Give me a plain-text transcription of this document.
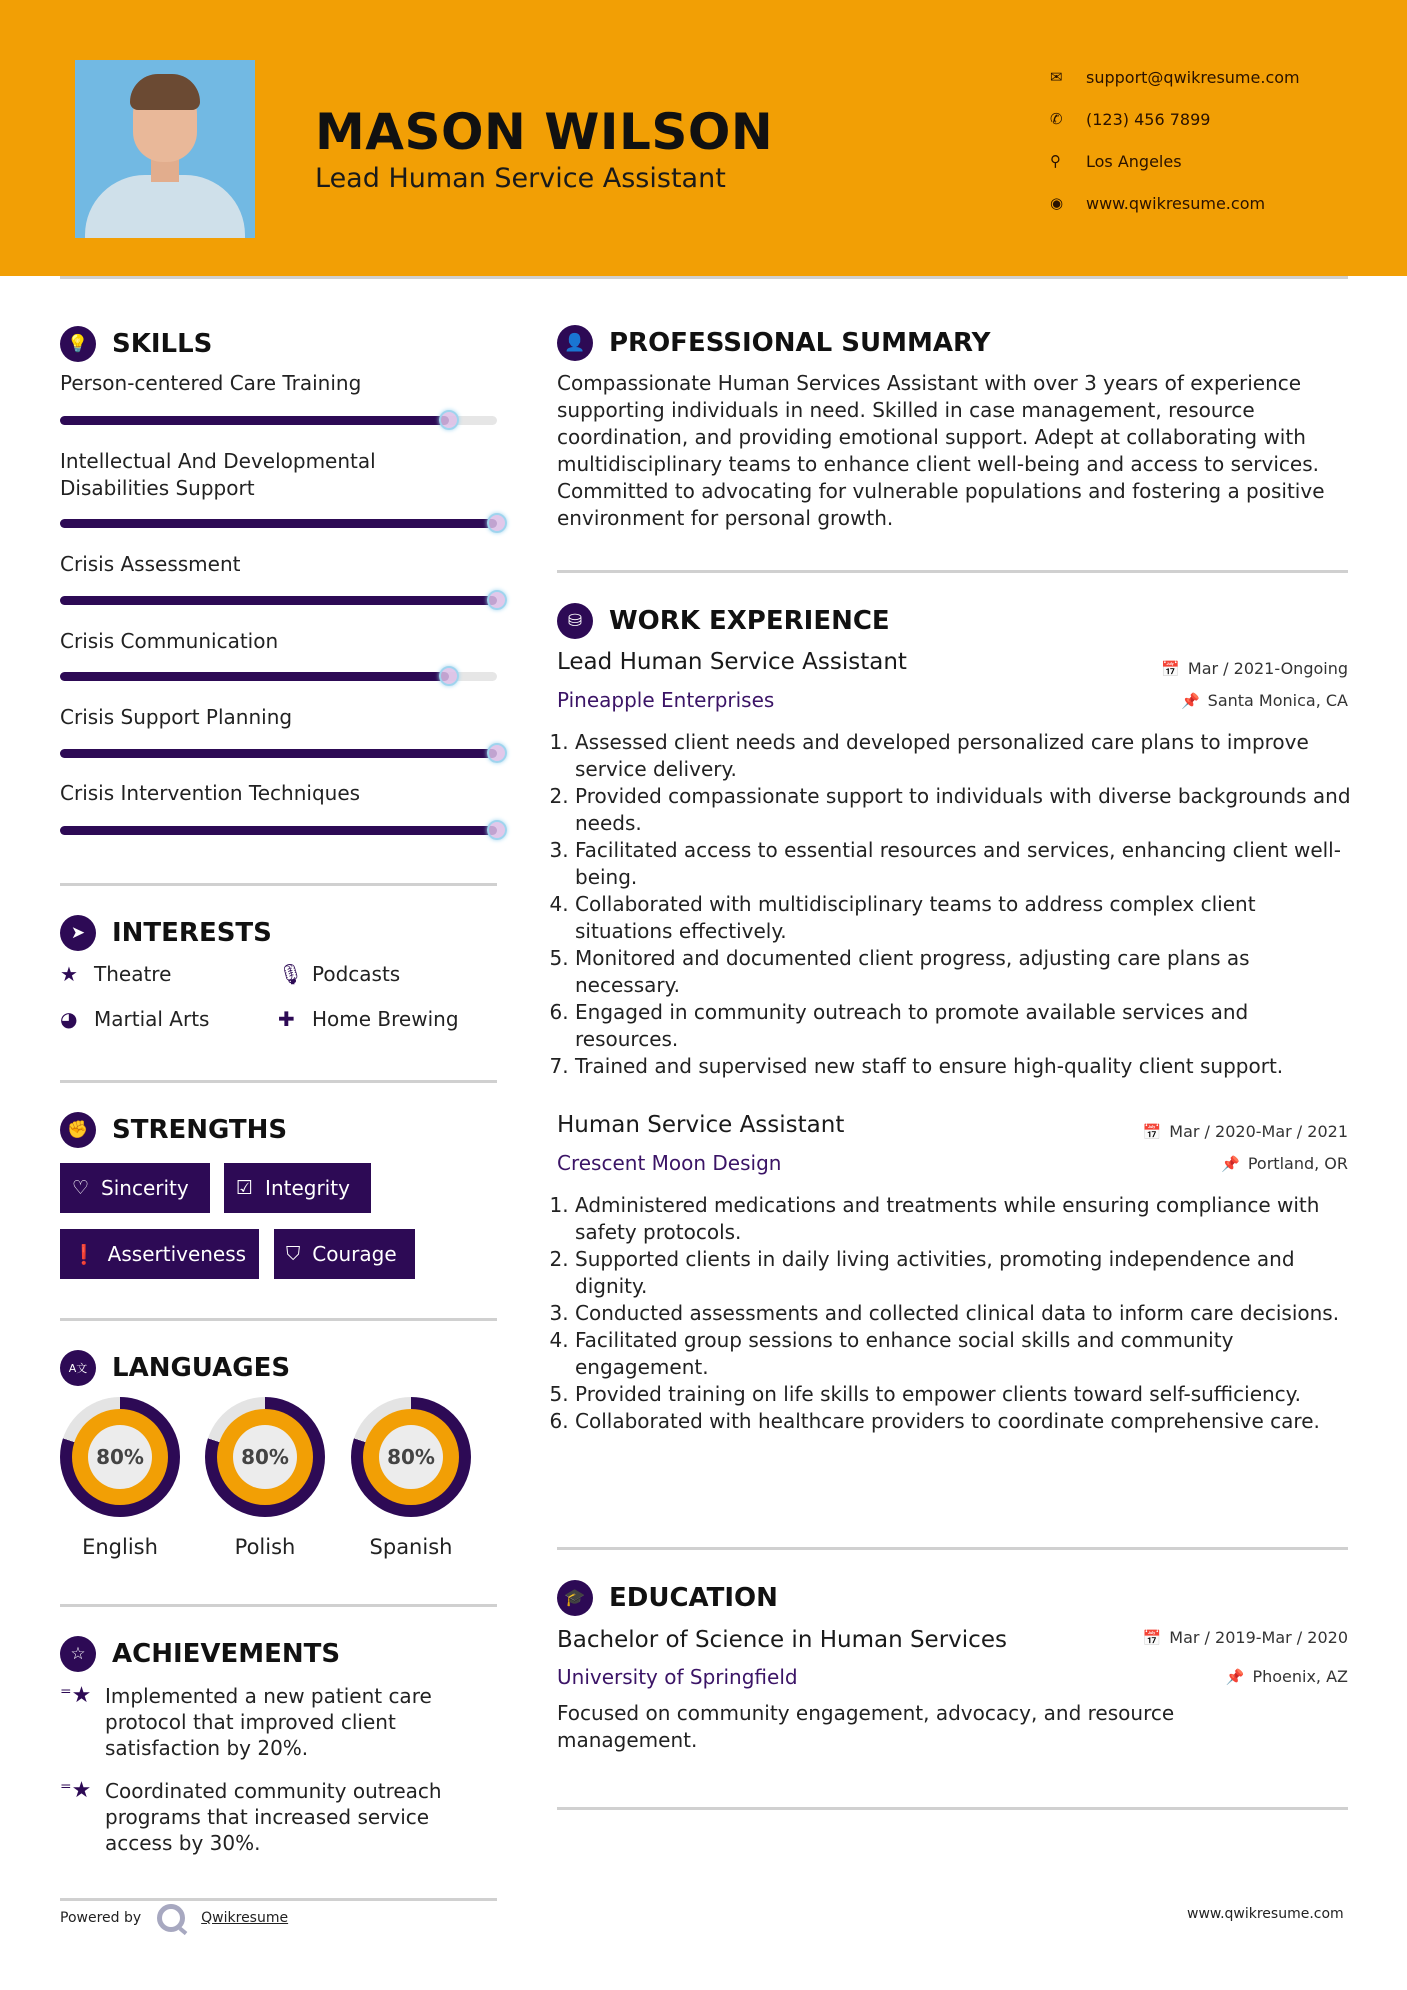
MASON WILSON
Lead Human Service Assistant
✉	support@qwikresume.com
✆	(123) 456 7899
⚲	Los Angeles
◉	www.qwikresume.com
💡 SKILLS
Person-centered Care Training
Intellectual And Developmental Disabilities Support
Crisis Assessment
Crisis Communication
Crisis Support Planning
Crisis Intervention Techniques
➤	INTERESTS
★ Theatre	🎙 Podcasts
◕ Martial Arts	✚ Home Brewing
✊ STRENGTHS
♡ Sincerity ☑ Integrity
❗ Assertiveness ⛉ Courage
A文 LANGUAGES
80%
English
80%
Polish
80%
Spanish
☆	ACHIEVEMENTS
⁼★ Implemented a new patient care protocol that improved client satisfaction by 20%.
⁼★ Coordinated community outreach programs that increased service access by 30%.
Powered by	Qwikresume
👤 PROFESSIONAL SUMMARY
Compassionate Human Services Assistant with over 3 years of experience supporting individuals in need. Skilled in case management, resource coordination, and providing emotional support. Adept at collaborating with multidisciplinary teams to enhance client well-being and access to services. Committed to advocating for vulnerable populations and fostering a positive environment for personal growth.
⛁	WORK EXPERIENCE
Lead Human Service Assistant	📅 Mar / 2021-Ongoing
Pineapple Enterprises	📌 Santa Monica, CA
1. Assessed client needs and developed personalized care plans to improve service delivery.
2. Provided compassionate support to individuals with diverse backgrounds and needs.
3. Facilitated access to essential resources and services, enhancing client well-being.
4. Collaborated with multidisciplinary teams to address complex client situations effectively.
5. Monitored and documented client progress, adjusting care plans as necessary.
6. Engaged in community outreach to promote available services and resources.
7. Trained and supervised new staff to ensure high-quality client support.
Human Service Assistant	📅 Mar / 2020-Mar / 2021
Crescent Moon Design	📌 Portland, OR
1. Administered medications and treatments while ensuring compliance with safety protocols.
2. Supported clients in daily living activities, promoting independence and dignity.
3. Conducted assessments and collected clinical data to inform care decisions.
4. Facilitated group sessions to enhance social skills and community engagement.
5. Provided training on life skills to empower clients toward self-sufficiency.
6. Collaborated with healthcare providers to coordinate comprehensive care.
🎓 EDUCATION
Bachelor of Science in Human Services	📅 Mar / 2019-Mar / 2020
University of Springfield	📌 Phoenix, AZ
Focused on community engagement, advocacy, and resource management.
www.qwikresume.com
